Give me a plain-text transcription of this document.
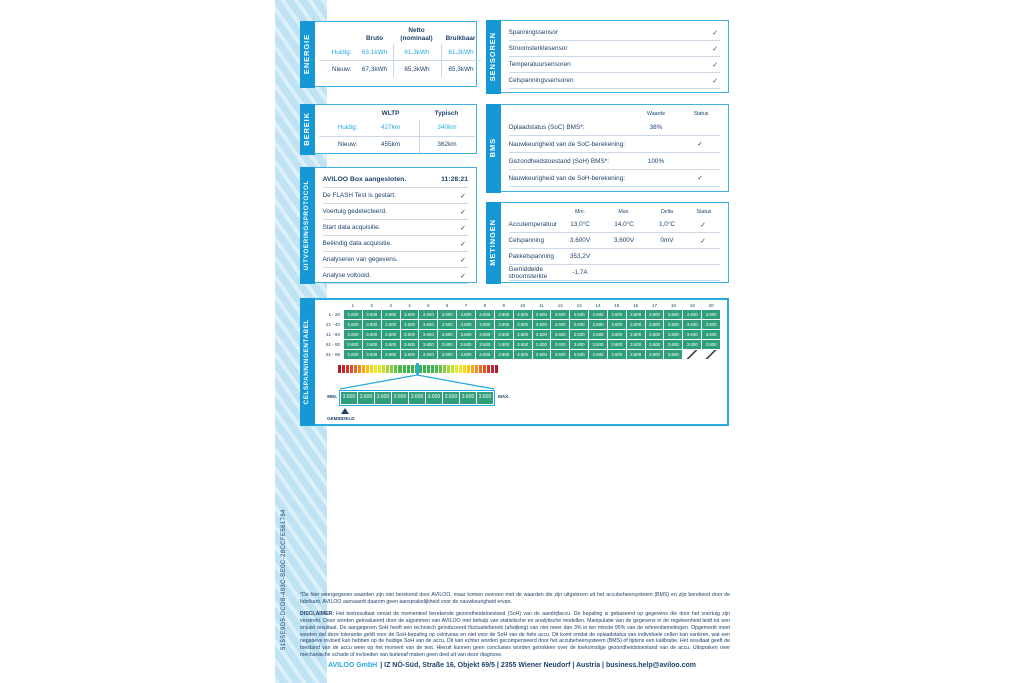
515SE9D5-DCD8-493C-BE0C-28CCFE561784
ENERGIE	Bruto
Netto (nominaal)	Bruikbaar
Huidig:	63,1kWh	61,3kWh	61,3kWh
Nieuw:	67,3kWh	65,3kWh	65,3kWh
BEREIK	WLTP	Typisch
Huidig:	427km	340km
Nieuw:	455km	362km
UITVOERINGSPROTOCOL
AVILOO Box aangesloten.	11:28:21
De FLASH Test is gestart.	✓
Voertuig gedetecteerd.	✓
Start data acquisitie.	✓
Beëindig data acquisitie.	✓
Analyseren van gegevens.	✓
Analyse voltooid.	✓
SENSOREN Spanningssensor	✓
Stroomsterktesensor	✓
Temperatuursensoren	✓
Celspanningssensoren	✓
BMS
Waarde	Status
Oplaadstatus (SoC) BMS*:	38%
Nauwkeurigheid van de SoC-berekening:	✓
Gezondheidstoestand (SoH) BMS*:	100%
Nauwkeurigheid van de SoH-berekening:	✓
METINGEN
Min.	Max.	Delta	Status
Accutemperatuur	13,0°C	14,0°C	1,0°C	✓
Celspanning	3,600V	3,600V	0mV	✓
Pakketspanning	353,2V
Gemiddelde stroomsterkte	-1,7A
CELSPANNINGENTABEL
1	2	3	4	5	6	7	8	9	10	11	12	13	14	15	16	17	18	19	20
1 - 20	3.600	3.600	3.600	3.600	3.600	3.600	3.600	3.600	3.600	3.600	3.600	3.600	3.600	3.600	3.600	3.600	3.600	3.600	3.600	3.600
21 - 40	3.600	3.600	3.600	3.600	3.600	3.600	3.600	3.600	3.600	3.600	3.600	3.600	3.600	3.600	3.600	3.600	3.600	3.600	3.600	3.600
41 - 60	3.600	3.600	3.600	3.600	3.600	3.600	3.600	3.600	3.600	3.600	3.600	3.600	3.600	3.600	3.600	3.600	3.600	3.600	3.600	3.600
61 - 80	3.600	3.600	3.600	3.600	3.600	3.600	3.600	3.600	3.600	3.600	3.600	3.600	3.600	3.600	3.600	3.600	3.600	3.600	3.600	3.600
81 - 98	3.600	3.600	3.600	3.600	3.600	3.600	3.600	3.600	3.600	3.600	3.600	3.600	3.600	3.600	3.600	3.600	3.600	3.600
3.600 3.600 3.600 3.600 3.600 3.600 3.600 3.600 3.600
MIN.	MAX.
GEMIDDELD

*De hier weergegeven waarden zijn niet berekend door AVILOO, maar komen overeen met de waarden die zijn uitgelezen uit het accubeheersysteem (BMS) en zijn berekend door de fabrikant. AVILOO aanvaardt daarom geen aansprakelijkheid voor de nauwkeurigheid ervan.

DISCLAIMER: Het testresultaat omvat de momenteel berekende gezondheidstoestand (SoH) van de aandrijfaccu. De bepaling is gebaseerd op gegevens die door het voertuig zijn verstrekt. Deze worden geëvalueerd door de algoritmen van AVILOO met behulp van statistische en analytische modellen. Manipulatie van de gegevens in de regeleenheid leidt tot een onjuist resultaat. De aangegeven SoH heeft een technisch geïnduceerd fluctuatiebereik (afwijking) van niet meer dan 3% in ten minste 95% van de referentiemetingen. Opgemerkt moet worden dat deze tolerantie geldt voor de SoH-bepaling op celniveau en niet voor de SoH van de hele accu. Dit komt omdat de oplaadstatus van individuele cellen kan variëren, wat een negatieve invloed kan hebben op de huidige SoH van de accu. Dit kan echter worden gecompenseerd door het accubeheersysteem (BMS) of tijdens een kalibratie. Het resultaat geeft de toestand van de accu weer op het moment van de test. Hieruit kunnen geen conclusies worden getrokken over de toekomstige gezondheidstoestand van de accu. Uitspraken over mechanische schade of invloeden van buitenaf maken geen deel uit van deze diagnose.

AVILOO GmbH | IZ NÖ-Süd, Straße 16, Objekt 69/5 | 2355 Wiener Neudorf | Austria | business.help@aviloo.com
